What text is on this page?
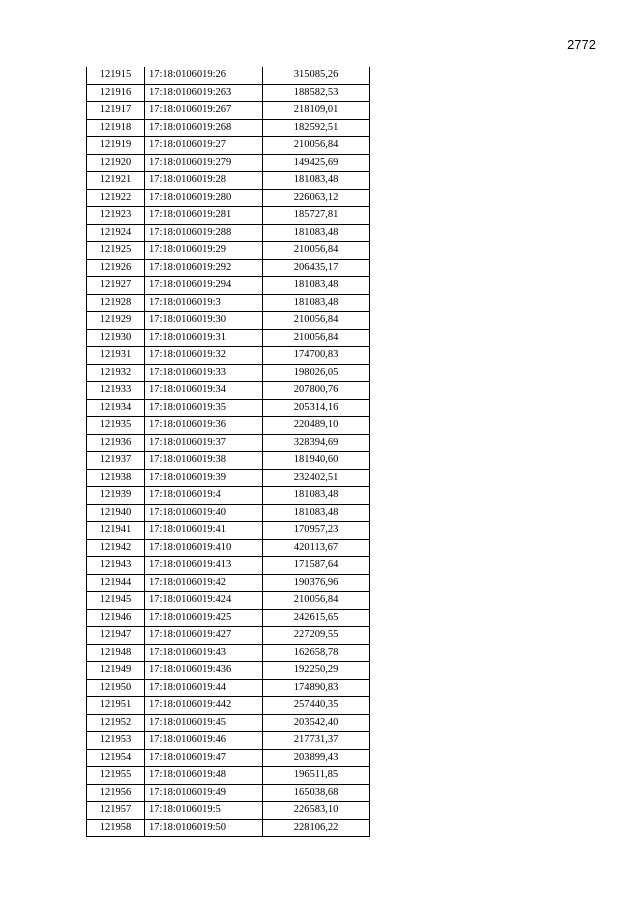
2772
121915	17:18:0106019:26	315085,26
121916	17:18:0106019:263	188582,53
121917	17:18:0106019:267	218109,01
121918	17:18:0106019:268	182592,51
121919	17:18:0106019:27	210056,84
121920	17:18:0106019:279	149425,69
121921	17:18:0106019:28	181083,48
121922	17:18:0106019:280	226063,12
121923	17:18:0106019:281	185727,81
121924	17:18:0106019:288	181083,48
121925	17:18:0106019:29	210056,84
121926	17:18:0106019:292	206435,17
121927	17:18:0106019:294	181083,48
121928	17:18:0106019:3	181083,48
121929	17:18:0106019:30	210056,84
121930	17:18:0106019:31	210056,84
121931	17:18:0106019:32	174700,83
121932	17:18:0106019:33	198026,05
121933	17:18:0106019:34	207800,76
121934	17:18:0106019:35	205314,16
121935	17:18:0106019:36	220489,10
121936	17:18:0106019:37	328394,69
121937	17:18:0106019:38	181940,60
121938	17:18:0106019:39	232402,51
121939	17:18:0106019:4	181083,48
121940	17:18:0106019:40	181083,48
121941	17:18:0106019:41	170957,23
121942	17:18:0106019:410	420113,67
121943	17:18:0106019:413	171587,64
121944	17:18:0106019:42	190376,96
121945	17:18:0106019:424	210056,84
121946	17:18:0106019:425	242615,65
121947	17:18:0106019:427	227209,55
121948	17:18:0106019:43	162658,78
121949	17:18:0106019:436	192250,29
121950	17:18:0106019:44	174890,83
121951	17:18:0106019:442	257440,35
121952	17:18:0106019:45	203542,40
121953	17:18:0106019:46	217731,37
121954	17:18:0106019:47	203899,43
121955	17:18:0106019:48	196511,85
121956	17:18:0106019:49	165038,68
121957	17:18:0106019:5	226583,10
121958	17:18:0106019:50	228106,22
